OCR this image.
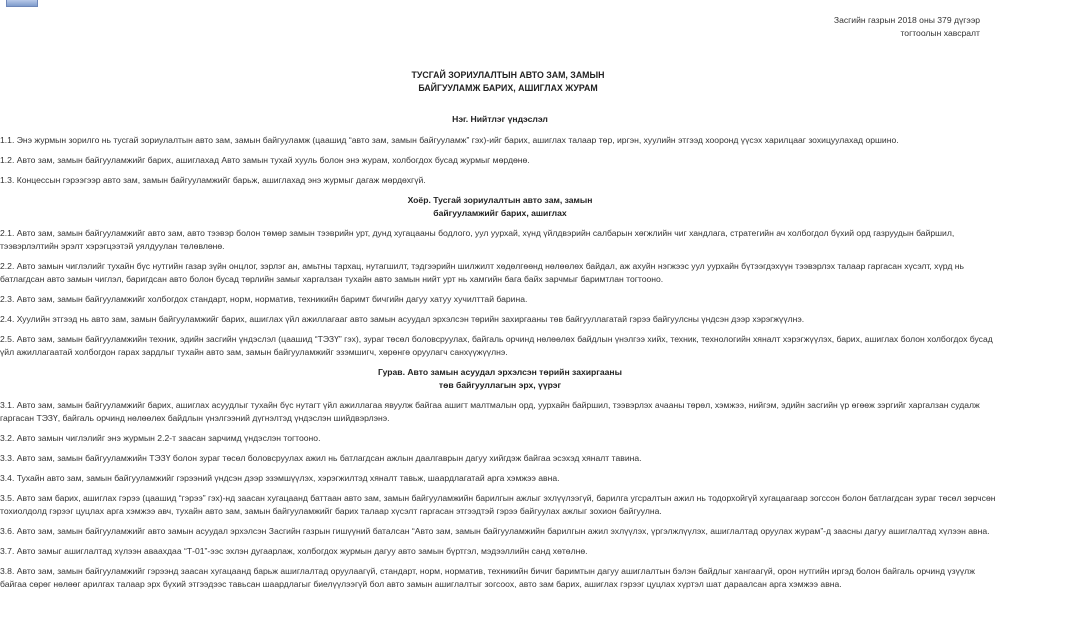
Засгийн газрын 2018 оны 379 дүгээр
тогтоолын хавсралт
ТУСГАЙ ЗОРИУЛАЛТЫН АВТО ЗАМ, ЗАМЫН
БАЙГУУЛАМЖ БАРИХ, АШИГЛАХ ЖУРАМ
Нэг. Нийтлэг үндэслэл

1.1. Энэ журмын зорилго нь тусгай зориулалтын авто зам, замын байгууламж (цаашид “авто зам, замын байгууламж” гэх)-ийг барих, ашиглах талаар төр, иргэн, хуулийн этгээд хооронд үүсэх харилцааг зохицуулахад оршино.

1.2. Авто зам, замын байгууламжийг барих, ашиглахад Авто замын тухай хууль болон энэ журам, холбогдох бусад журмыг мөрдөнө.

1.3. Концессын гэрээгээр авто зам, замын байгууламжийг барьж, ашиглахад энэ журмыг дагаж мөрдөхгүй.

Хоёр. Тусгай зориулалтын авто зам, замын
байгууламжийг барих, ашиглах

2.1. Авто зам, замын байгууламжийг авто зам, авто тээвэр болон төмөр замын тээврийн урт, дунд хугацааны бодлого, уул уурхай, хүнд үйлдвэрийн салбарын хөгжлийн чиг хандлага, стратегийн ач холбогдол бүхий орд газруудын байршил, тээвэрлэлтийн эрэлт хэрэгцээтэй уялдуулан төлөвлөнө.

2.2. Авто замын чиглэлийг тухайн бүс нутгийн газар зүйн онцлог, зэрлэг ан, амьтны тархац, нутагшилт, тэдгээрийн шилжилт хөдөлгөөнд нөлөөлөх байдал, аж ахуйн нэгжээс уул уурхайн бүтээгдэхүүн тээвэрлэх талаар гаргасан хүсэлт, хүрд нь батлагдсан авто замын чиглэл, баригдсан авто болон бусад төрлийн замыг харгалзан тухайн авто замын нийт урт нь хамгийн бага байх зарчмыг баримтлан тогтооно.

2.3. Авто зам, замын байгууламжийг холбогдох стандарт, норм, норматив, техникийн баримт бичгийн дагуу хатуу хучилттай барина.

2.4. Хуулийн этгээд нь авто зам, замын байгууламжийг барих, ашиглах үйл ажиллагааг авто замын асуудал эрхэлсэн төрийн захиргааны төв байгууллагатай гэрээ байгуулсны үндсэн дээр хэрэгжүүлнэ.

2.5. Авто зам, замын байгууламжийн техник, эдийн засгийн үндэслэл (цаашид “ТЭЗҮ” гэх), зураг төсөл боловсруулах, байгаль орчинд нөлөөлөх байдлын үнэлгээ хийх, техник, технологийн хяналт хэрэгжүүлэх, барих, ашиглах болон холбогдох бусад үйл ажиллагаатай холбогдон гарах зардлыг тухайн авто зам, замын байгууламжийг эзэмшигч, хөрөнгө оруулагч санхүүжүүлнэ.

Гурав. Авто замын асуудал эрхэлсэн төрийн захиргааны
төв байгууллагын эрх, үүрэг

3.1. Авто зам, замын байгууламжийг барих, ашиглах асуудлыг тухайн бүс нутагт үйл ажиллагаа явуулж байгаа ашигт малтмалын орд, уурхайн байршил, тээвэрлэх ачааны төрөл, хэмжээ, нийгэм, эдийн засгийн үр өгөөж зэргийг харгалзан судалж гаргасан ТЭЗҮ, байгаль орчинд нөлөөлөх байдлын үнэлгээний дүгнэлтэд үндэслэн шийдвэрлэнэ.

3.2. Авто замын чиглэлийг энэ журмын 2.2-т заасан зарчимд үндэслэн тогтооно.

3.3. Авто зам, замын байгууламжийн ТЭЗҮ болон зураг төсөл боловсруулах ажил нь батлагдсан ажлын даалгаврын дагуу хийгдэж байгаа эсэхэд хяналт тавина.

3.4. Тухайн авто зам, замын байгууламжийг гэрээний үндсэн дээр эзэмшүүлэх, хэрэгжилтэд хяналт тавьж, шаардлагатай арга хэмжээ авна.

3.5. Авто зам барих, ашиглах гэрээ (цаашид “гэрээ” гэх)-нд заасан хугацаанд баттаан авто зам, замын байгууламжийн барилгын ажлыг эхлүүлээгүй, барилга угсралтын ажил нь тодорхойгүй хугацаагаар зогссон болон батлагдсан зураг төсөл зөрчсөн тохиолдолд гэрээг цуцлах арга хэмжээ авч, тухайн авто зам, замын байгууламжийг барих талаар хүсэлт гаргасан этгээдтэй гэрээ байгуулах ажлыг зохион байгуулна.

3.6. Авто зам, замын байгууламжийг авто замын асуудал эрхэлсэн Засгийн газрын гишүүний баталсан “Авто зам, замын байгууламжийн барилгын ажил эхлүүлэх, үргэлжлүүлэх, ашиглалтад оруулах журам”-д заасны дагуу ашиглалтад хүлээн авна.

3.7. Авто замыг ашиглалтад хүлээн аваахдаа “Т-01”-ээс эхлэн дугаарлаж, холбогдох журмын дагуу авто замын бүртгэл, мэдээллийн санд хөтөлнө.

3.8. Авто зам, замын байгууламжийг гэрээнд заасан хугацаанд барьж ашиглалтад оруулаагүй, стандарт, норм, норматив, техникийн бичиг баримтын дагуу ашиглалтын бэлэн байдлыг хангаагүй, орон нутгийн иргэд болон байгаль орчинд үзүүлж байгаа сөрөг нөлөөг арилгах талаар эрх бүхий этгээдээс тавьсан шаардлагыг биелүүлээгүй бол авто замын ашиглалтыг зогсоох, авто зам барих, ашиглах гэрээг цуцлах хүртэл шат дараалсан арга хэмжээ авна.
